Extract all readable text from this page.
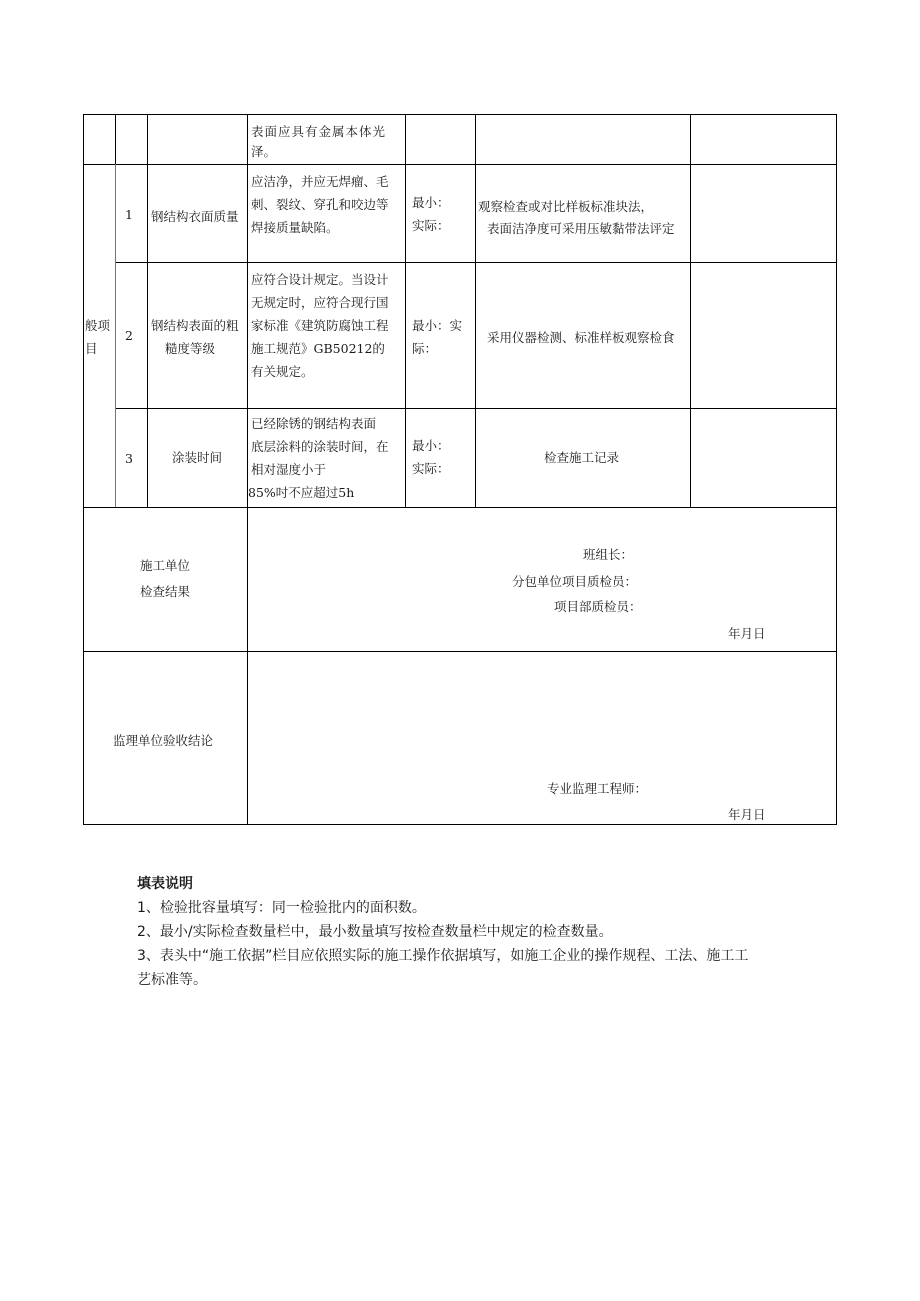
表面应具有金属本体光
泽。
般项
目
1 钢结构衣面质量
应洁净，并应无焊瘤、毛
刺、裂纹、穿孔和咬边等
焊接质量缺陷。
最小：
实际：
观察检查或对比样板标准块法，
表面洁净度可采用压敏黏带法评定
2
钢结构表面的粗
糙度等级
应符合设计规定。当设计
无规定时，应符合现行国
家标准《建筑防腐蚀工程
施工规范》GB50212的
有关规定。
最小：实
际：
采用仪器检测、标准样板观察检食
3	涂装时间
已经除锈的钢结构表面
底层涂料的涂装时间，在
相对湿度小于
85%吋不应超过5h
最小：
实际：
检查施工记录
施工单位
检查结果
班组长：
分包单位项目质检员：
项目部质检员：
年月日
监理单位验收结论
专业监理工程师：
年月日
填表说明
1、检验批容量填写：同一检验批内的面积数。
2、最小/实际检查数量栏中，最小数量填写按检查数量栏中规定的检查数量。
3、表头中“施工依据”栏目应依照实际的施工操作依据填写，如施工企业的操作规程、工法、施工工
艺标准等。
